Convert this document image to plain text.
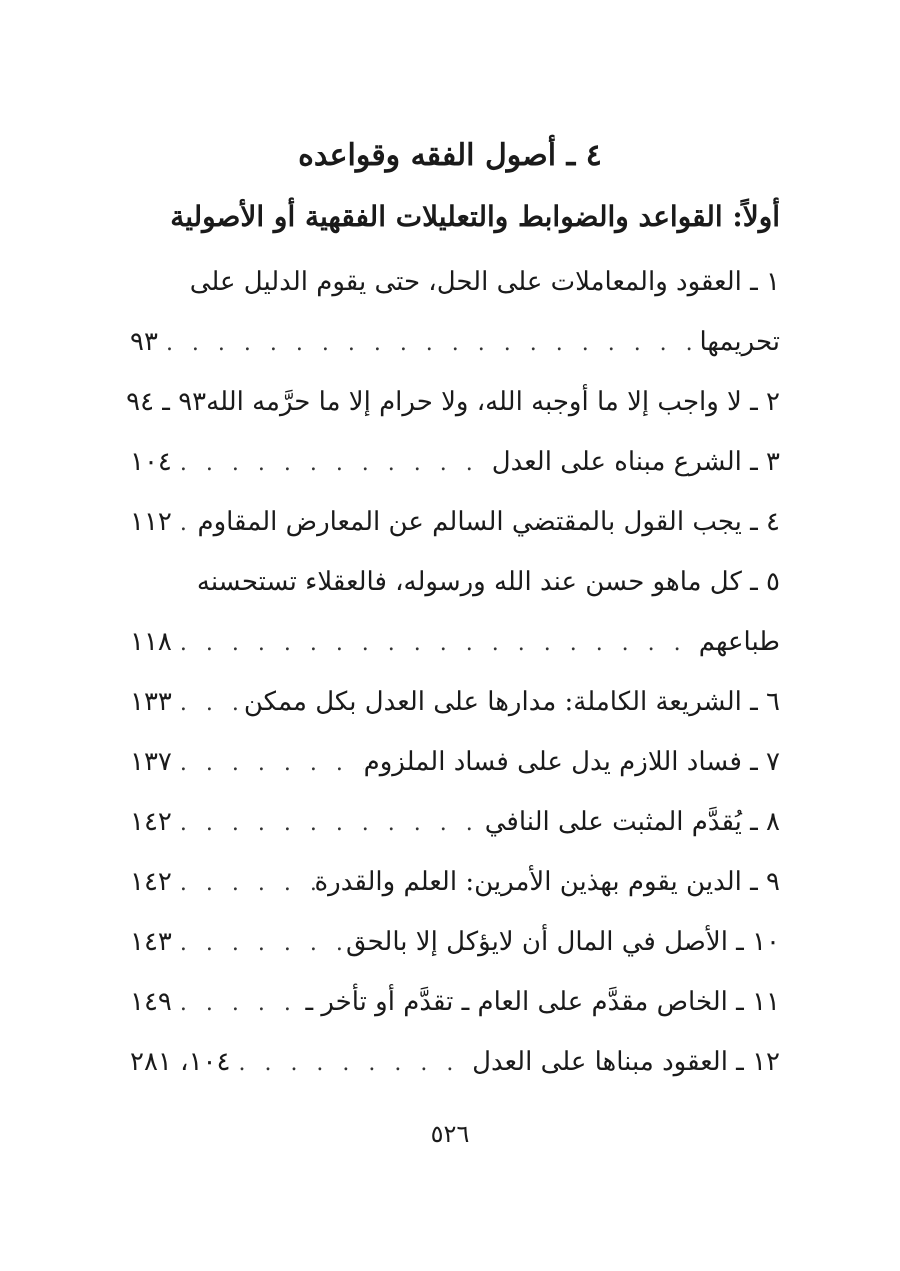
٤ ـ أصول الفقه وقواعده
أولاً: القواعد والضوابط والتعليلات الفقهية أو الأصولية
١ ـ العقود والمعاملات على الحل، حتى يقوم الدليل على
تحريمها
. . .
٩٣
٢ ـ لا واجب إلا ما أوجبه الله، ولا حرام إلا ما حرَّمه الله
٩٣ ـ ٩٤
٣ ـ الشرع مبناه على العدل
. . .
١٠٤
٤ ـ يجب القول بالمقتضي السالم عن المعارض المقاوم
. . .
١١٢
٥ ـ كل ماهو حسن عند الله ورسوله، فالعقلاء تستحسنه
طباعهم
. . .
١١٨
٦ ـ الشريعة الكاملة: مدارها على العدل بكل ممكن
. . .
١٣٣
٧ ـ فساد اللازم يدل على فساد الملزوم
. . .
١٣٧
٨ ـ يُقدَّم المثبت على النافي
. . .
١٤٢
٩ ـ الدين يقوم بهذين الأمرين: العلم والقدرة
. . .
١٤٢
١٠ ـ الأصل في المال أن لايؤكل إلا بالحق
. . .
١٤٣
١١ ـ الخاص مقدَّم على العام ـ تقدَّم أو تأخر ـ
. . .
١٤٩
١٢ ـ العقود مبناها على العدل
. . .
١٠٤، ٢٨١
٥٢٦
